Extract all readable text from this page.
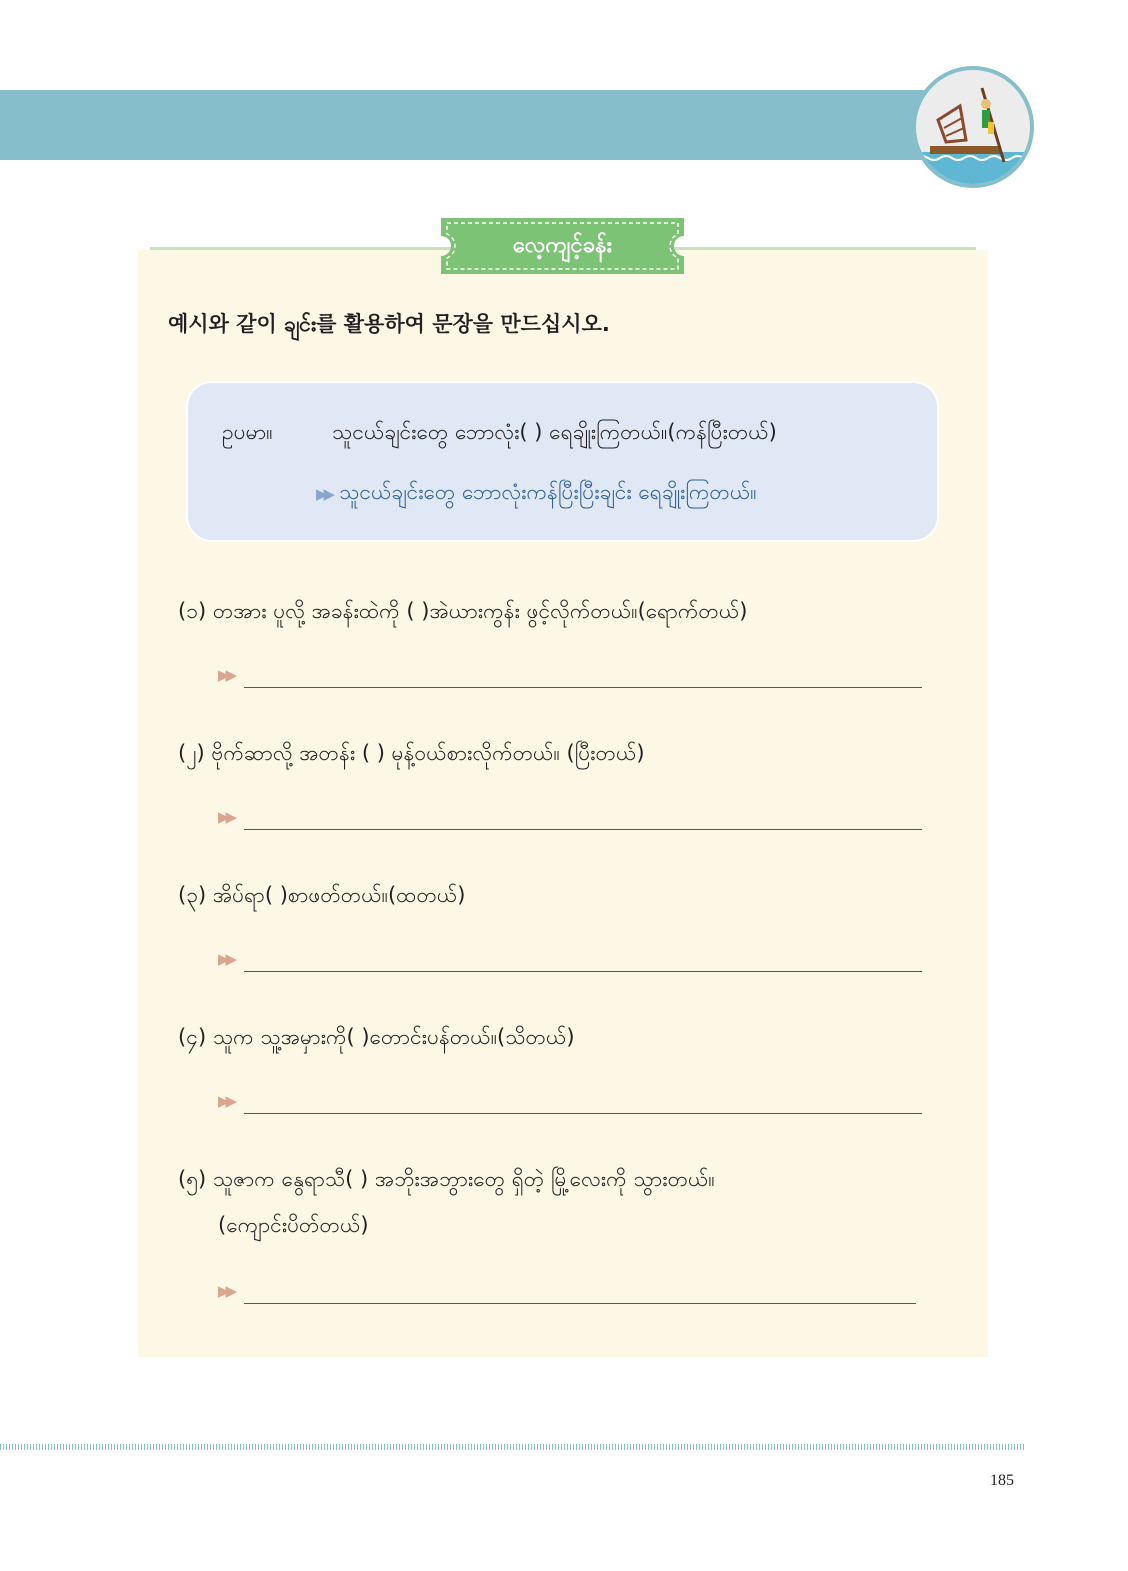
လေ့ကျင့်ခန်း

예시와 같이 ချင်း를 활용하여 문장을 만드십시오.

ဥပမာ။	သူငယ်ချင်းတွေ ဘောလုံး( ) ရေချိုးကြတယ်။(ကန်ပြီးတယ်)
▶▶ သူငယ်ချင်းတွေ ဘောလုံးကန်ပြီးပြီးချင်း ရေချိုးကြတယ်။

(၁) တအား ပူလို့ အခန်းထဲကို ( )အဲယားကွန်း ဖွင့်လိုက်တယ်။(ရောက်တယ်)

▶▶

(၂) ဗိုက်ဆာလို့ အတန်း ( ) မုန့်ဝယ်စားလိုက်တယ်။ (ပြီးတယ်)

▶▶

(၃) အိပ်ရာ( )စာဖတ်တယ်။(ထတယ်)

▶▶

(၄) သူက သူ့အမှားကို( )တောင်းပန်တယ်။(သိတယ်)

▶▶

(၅) သူဇာက နွေရာသီ( ) အဘိုးအဘွားတွေ ရှိတဲ့ မြို့လေးကို သွားတယ်။

(ကျောင်းပိတ်တယ်)

▶▶

185
